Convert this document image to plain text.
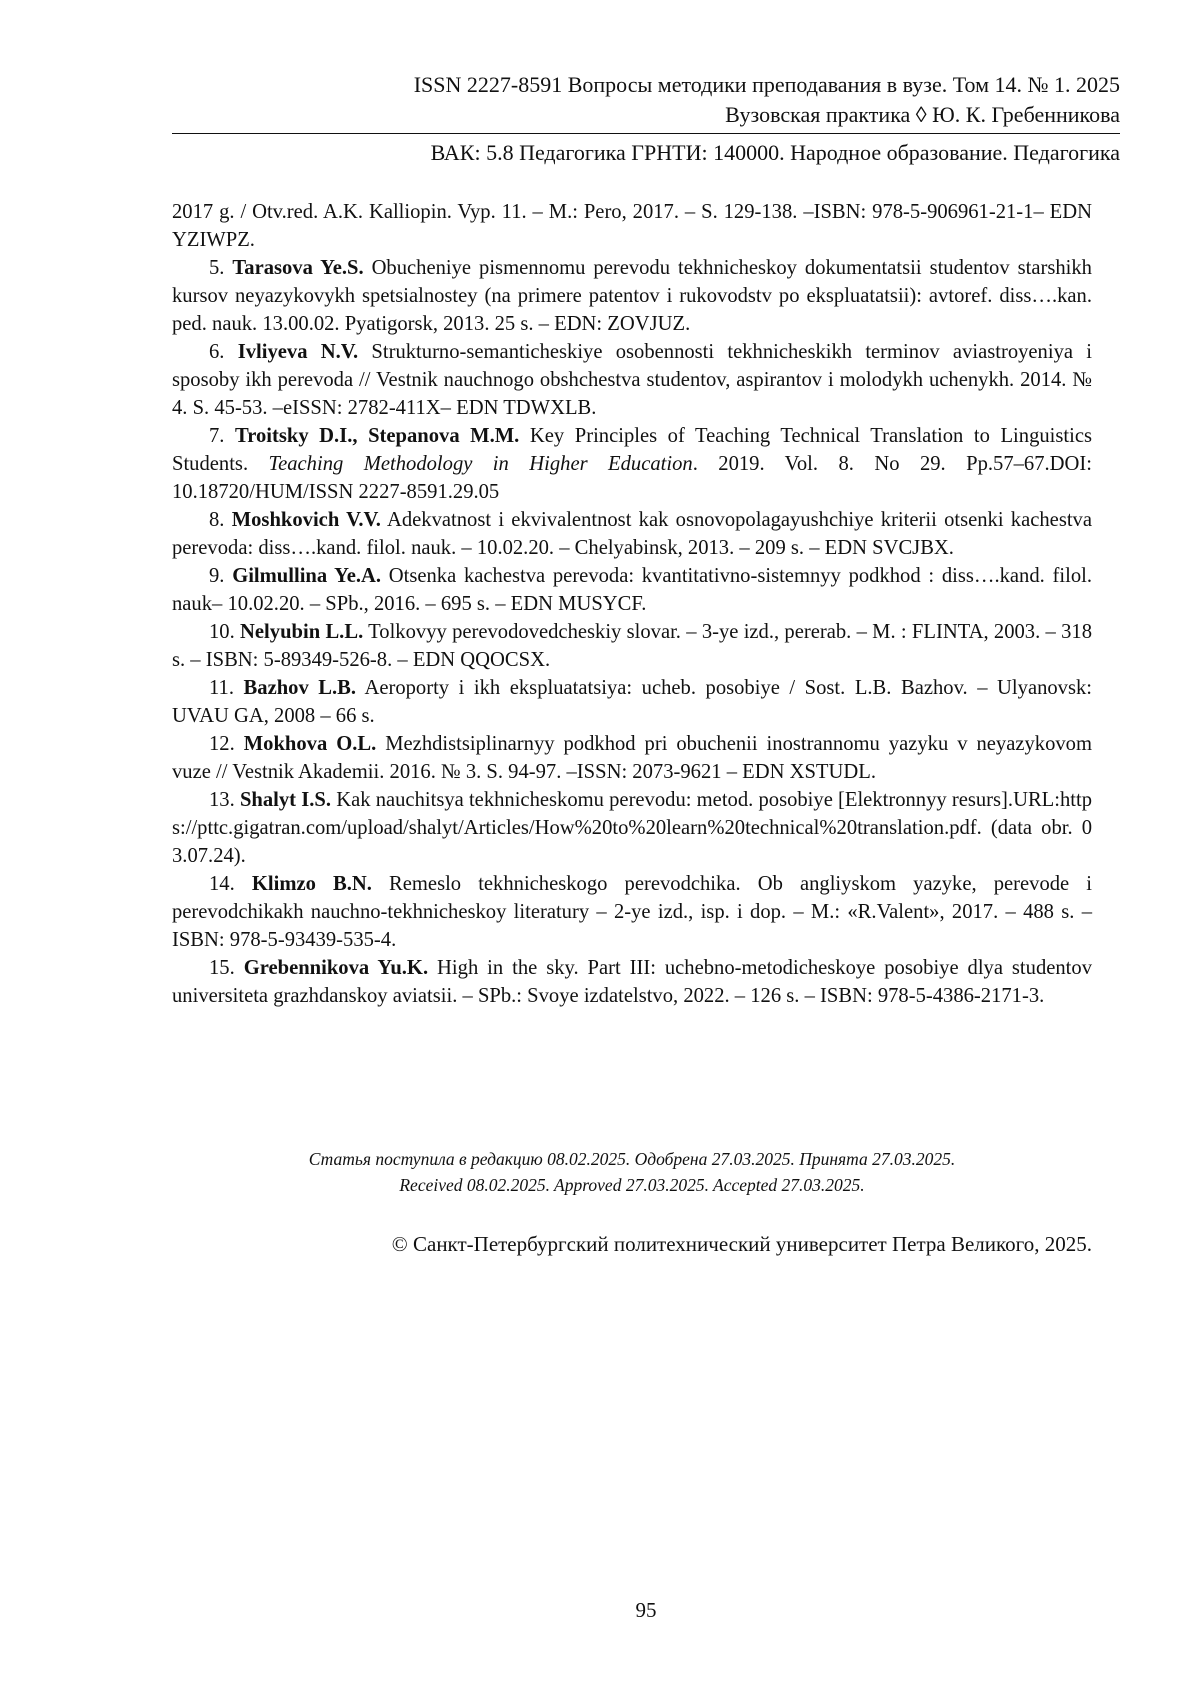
ISSN 2227-8591 Вопросы методики преподавания в вузе. Том 14. № 1. 2025
Вузовская практика ◊ Ю. К. Гребенникова
ВАК: 5.8 Педагогика ГРНТИ: 140000. Народное образование. Педагогика

2017 g. / Otv.red. A.K. Kalliopin. Vyp. 11. – M.: Pero, 2017. – S. 129-138. –ISBN: 978-5-906961-21-1– EDN YZIWPZ.

5. Tarasova Ye.S. Obucheniye pismennomu perevodu tekhnicheskoy dokumentatsii studentov starshikh kursov neyazykovykh spetsialnostey (na primere patentov i rukovodstv po ekspluatatsii): avtoref. diss….kan. ped. nauk. 13.00.02. Pyatigorsk, 2013. 25 s. – EDN: ZOVJUZ.

6. Ivliyeva N.V. Strukturno-semanticheskiye osobennosti tekhnicheskikh terminov aviastroyeniya i sposoby ikh perevoda // Vestnik nauchnogo obshchestva studentov, aspirantov i molodykh uchenykh. 2014. № 4. S. 45-53. –eISSN: 2782-411X– EDN TDWXLB.

7. Troitsky D.I., Stepanova M.M. Key Principles of Teaching Technical Translation to Linguistics Students. Teaching Methodology in Higher Education. 2019. Vol. 8. No 29. Pp.57–67.DOI: 10.18720/HUM/ISSN 2227-8591.29.05

8. Moshkovich V.V. Adekvatnost i ekvivalentnost kak osnovopolagayushchiye kriterii otsenki kachestva perevoda: diss….kand. filol. nauk. – 10.02.20. – Chelyabinsk, 2013. – 209 s. – EDN SVCJBX.

9. Gilmullina Ye.A. Otsenka kachestva perevoda: kvantitativno-sistemnyy podkhod : diss….kand. filol. nauk– 10.02.20. – SPb., 2016. – 695 s. – EDN MUSYCF.

10. Nelyubin L.L. Tolkovyy perevodovedcheskiy slovar. – 3-ye izd., pererab. – M. : FLINTA, 2003. – 318 s. – ISBN: 5-89349-526-8. – EDN QQOCSX.

11. Bazhov L.B. Aeroporty i ikh ekspluatatsiya: ucheb. posobiye / Sost. L.B. Bazhov. – Ulyanovsk: UVAU GA, 2008 – 66 s.

12. Mokhova O.L. Mezhdistsiplinarnyy podkhod pri obuchenii inostrannomu yazyku v neyazykovom vuze // Vestnik Akademii. 2016. № 3. S. 94-97. –ISSN: 2073-9621 – EDN XSTUDL.

13. Shalyt I.S. Kak nauchitsya tekhnicheskomu perevodu: metod. posobiye [Elektronnyy resurs].URL:https://pttc.gigatran.com/upload/shalyt/Articles/How%20to%20learn%20technical%20translation.pdf. (data obr. 03.07.24).

14. Klimzo B.N. Remeslo tekhnicheskogo perevodchika. Ob angliyskom yazyke, perevode i perevodchikakh nauchno-tekhnicheskoy literatury – 2-ye izd., isp. i dop. – M.: «R.Valent», 2017. – 488 s. – ISBN: 978-5-93439-535-4.

15. Grebennikova Yu.K. High in the sky. Part III: uchebno-metodicheskoye posobiye dlya studentov universiteta grazhdanskoy aviatsii. – SPb.: Svoye izdatelstvo, 2022. – 126 s. – ISBN: 978-5-4386-2171-3.

Статья поступила в редакцию 08.02.2025. Одобрена 27.03.2025. Принята 27.03.2025.
Received 08.02.2025. Approved 27.03.2025. Accepted 27.03.2025.
© Санкт-Петербургский политехнический университет Петра Великого, 2025.
95
